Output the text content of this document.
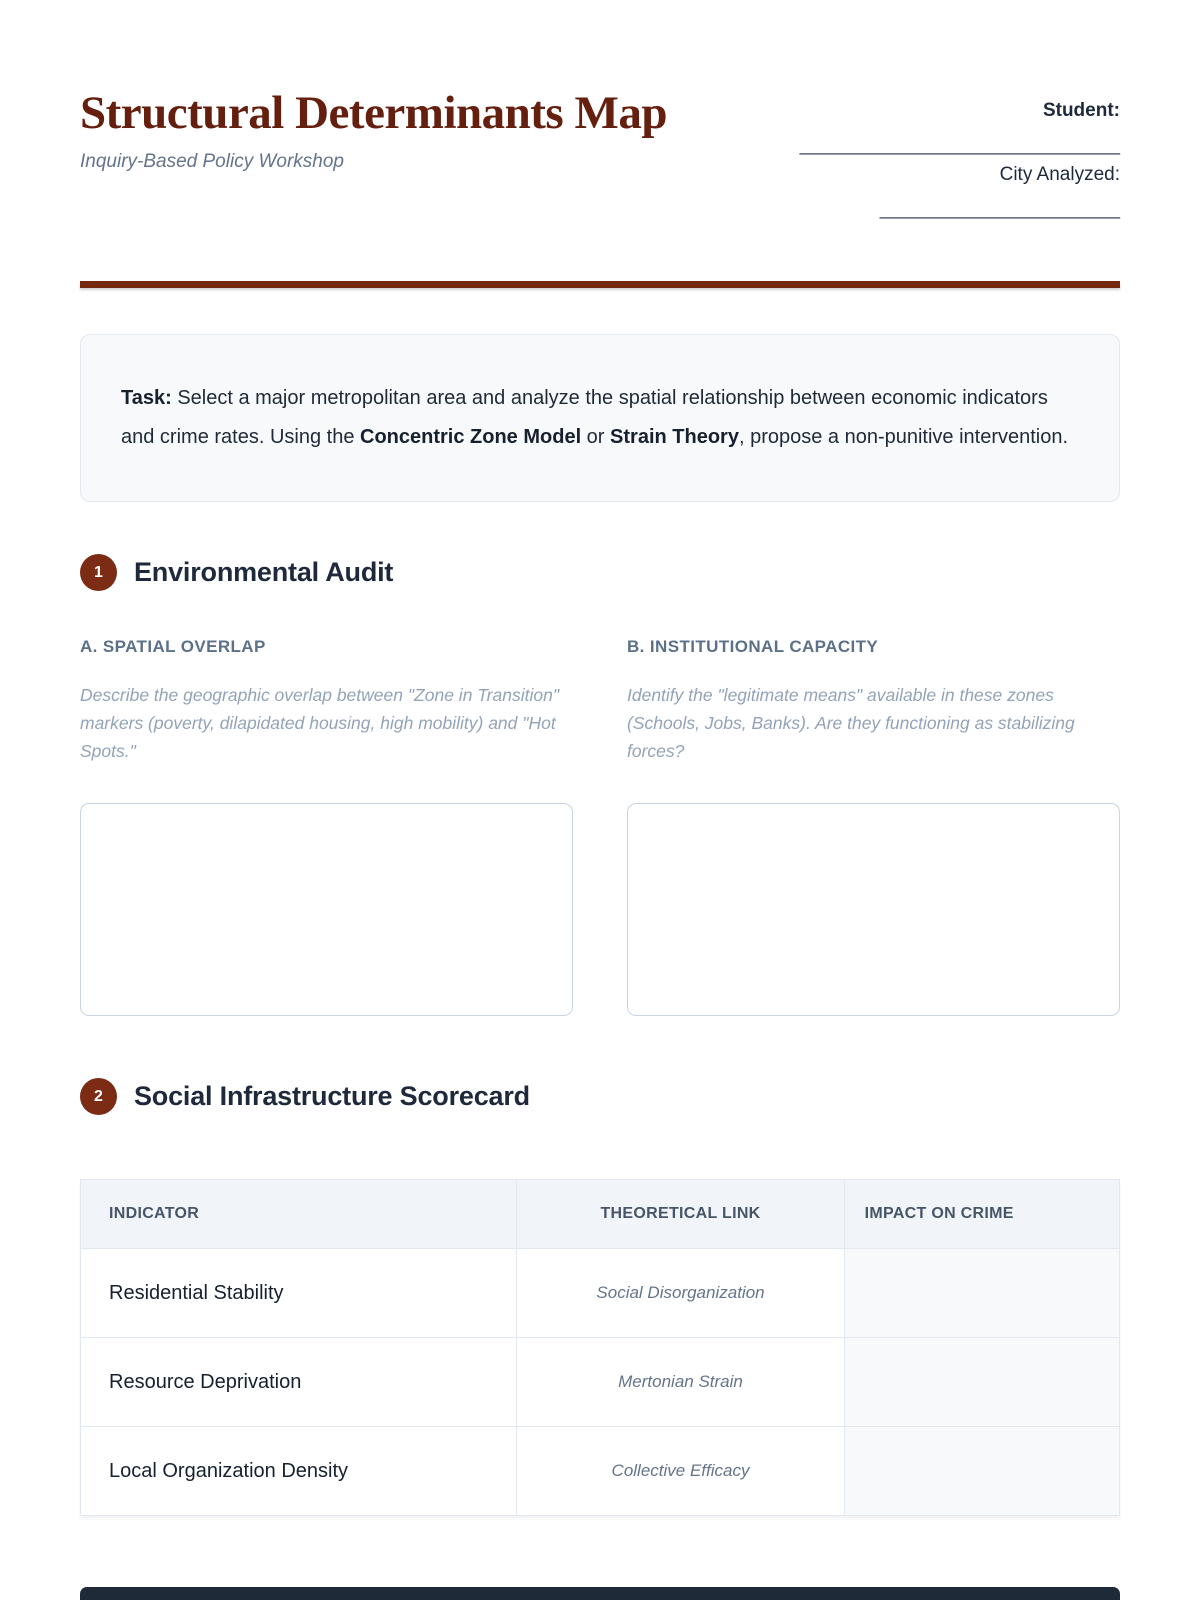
Structural Determinants Map
Inquiry-Based Policy Workshop
Student:
________________________________
City Analyzed:
________________________

Task: Select a major metropolitan area and analyze the spatial relationship between economic indicators and crime rates. Using the Concentric Zone Model or Strain Theory, propose a non-punitive intervention.

1	Environmental Audit
A. SPATIAL OVERLAP
Describe the geographic overlap between "Zone in Transition" markers (poverty, dilapidated housing, high mobility) and "Hot Spots."
B. INSTITUTIONAL CAPACITY
Identify the "legitimate means" available in these zones (Schools, Jobs, Banks). Are they functioning as stabilizing forces?
2	Social Infrastructure Scorecard
INDICATOR	THEORETICAL LINK	IMPACT ON CRIME
Residential Stability	Social Disorganization	
Resource Deprivation	Mertonian Strain	
Local Organization Density	Collective Efficacy	
